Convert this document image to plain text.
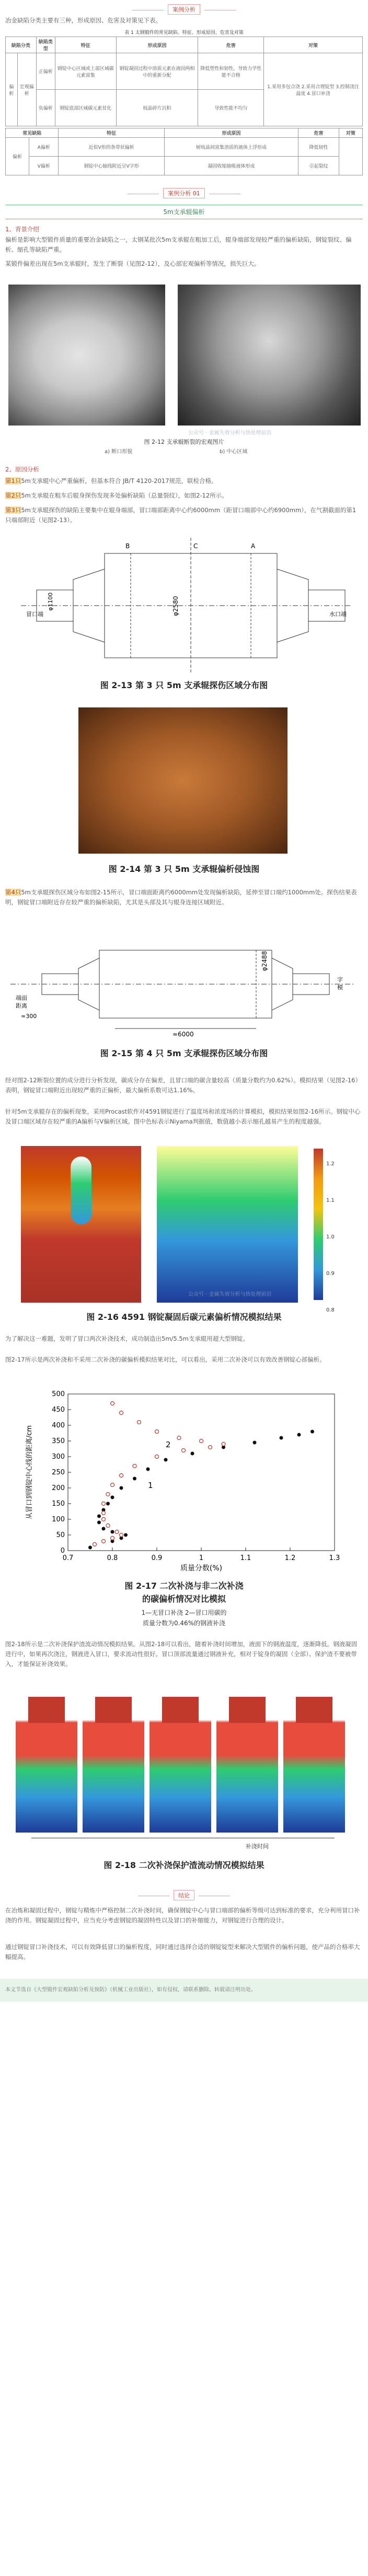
案例分析

冶金缺陷分类主要有三种，形成原因、危害及对策见下表。

表 1 太钢锻件的常见缺陷、特征、形成原因、危害及对策
缺陷分类		缺陷类型	特征	形成原因	危害	对策
偏析	宏观偏析	正偏析	钢锭中心区域或上部区域碳元素富集	钢锭凝固过程中溶质元素在液固两相中的重新分配	降低塑性和韧性，导致力学性能不合格	1.采用多包合浇 2.采用合理锭型 3.控制浇注温度 4.冒口补浇
		负偏析	钢锭底部区域碳元素贫化	枝晶碎片沉积	导致性能不均匀	
常见缺陷		特征	形成原因	危害	对策
偏析	A偏析	近似V形的条带状偏析	树枝晶间富集溶质的液体上浮形成	降低韧性	
	V偏析	钢锭中心轴线附近呈V字形	凝固收缩抽吸液体形成	引起裂纹	
案例分析 01
5m支承辊偏析

1、背景介绍

偏析是影响大型锻件质量的重要冶金缺陷之一，太钢某批次5m支承辊在粗加工后，辊身端部发现较严重的偏析缺陷，钢锭裂纹、偏析、缩孔等缺陷严重。

某锻件偏差出现在5m支承辊时，发生了断裂（见图2-12），及心部宏观偏析等情况，损失巨大。

公众号 · 金属失效分析与热处理前沿
图 2-12 支承辊断裂的宏观图片
a) 断口形貌	b) 中心区域

2、原因分析

第1只5m支承辊中心严重偏析，但基本符合 JB/T 4120-2017规范，联检合格。

第2只5m支承辊在粗车后辊身探伤发现多处偏析缺陷（总量裂纹），如图2-12所示。

第3只5m支承辊探伤的缺陷主要集中在辊身端部，冒口端部距离中心约6000mm（距冒口端部中心约6900mm），在气割截面的第1只端部附近（见图2-13）。

B	C	A
φ2580
φ1100
冒口端	水口端
图 2-13 第 3 只 5m 支承辊探伤区域分布图
图 2-14 第 3 只 5m 支承辊偏析侵蚀图

第4只5m支承辊探伤区域分布如图2-15所示，冒口端面距离约6000mm处发现偏析缺陷，延伸至冒口端约1000mm处。探伤结果表明，钢锭冒口端附近存在较严重的偏析缺陷，尤其是头部及其与辊身连接区域附近。

φ2488
≈6000
≈300
端面
距离
字
模
图 2-15 第 4 只 5m 支承辊探伤区域分布图

经对图2-12断裂位置的成分进行分析发现，碳成分存在偏差，且冒口端的碳含量较高（质量分数约为0.62%）。模拟结果（见图2-16）表明，钢锭冒口端附近出现较严重的正偏析，最大偏析系数可达1.16%。

针对5m支承辊存在的偏析现象，采用Procast软件对4591钢锭进行了温度场和浓度场的计算模拟，模拟结果如图2-16所示。钢锭中心及冒口端区域存在较严重的A偏析与V偏析区域。图中色标表示Niyama判据值，数值越小表示缩孔越易产生的程度越强。

1.2
1.1
1.0
0.9
0.8
公众号 · 金属失效分析与热处理前沿
图 2-16 4591 钢锭凝固后碳元素偏析情况模拟结果

为了解决这一难题，发明了冒口两次补浇技术，成功制造出5m/5.5m支承辊用超大型钢锭。

图2-17所示是两次补浇和不采用二次补浇的碳偏析模拟结果对比，可以看出，采用二次补浇可以有效改善钢锭心部偏析。

0.7	0.8	0.9	1	1.1	1.2	1.3
0
50
100
150
200
250
300
350
400
450
500
质量分数(%)
从冒口到钢锭中心线的距离/cm	1
2
图 2-17 二次补浇与非二次补浇
的碳偏析情况对比模拟
1—无冒口补浇 2—冒口用碳的
质量分数为0.46%的钢液补浇

图2-18所示是二次补浇保护渣流动情况模拟结果。从图2-18可以看出，随着补浇时间增加，液面下的钢液温度，逐渐降低。钢液凝固进行中，如果再次浇注，钢液进入冒口，要求流动性很好。冒口顶部流量通过钢液补充，相对于锭身的凝固（全部）、保护渣不要被带入，才能保证补浇效果。

补浇时间
图 2-18 二次补浇保护渣流动情况模拟结果
结论

在冶炼和凝固过程中，钢锭与精炼中严格控制二次补浇时间，确保钢锭中心与冒口端部的偏析等级可达到标准的要求，充分利用冒口补浇的作用。钢锭凝固过程中，应当充分考虑钢锭的凝固特性以及冒口的补缩能力，对钢锭进行合理的设计。

通过钢锭冒口补浇技术，可以有效降低冒口的偏析程度，同时通过选择合适的钢锭锭型来解决大型锻件的偏析问题，使产品的合格率大幅提高。

本文节选自《大型锻件宏观缺陷分析及预防》（机械工业出版社），如有侵权，请联系删除。转载请注明出处。
